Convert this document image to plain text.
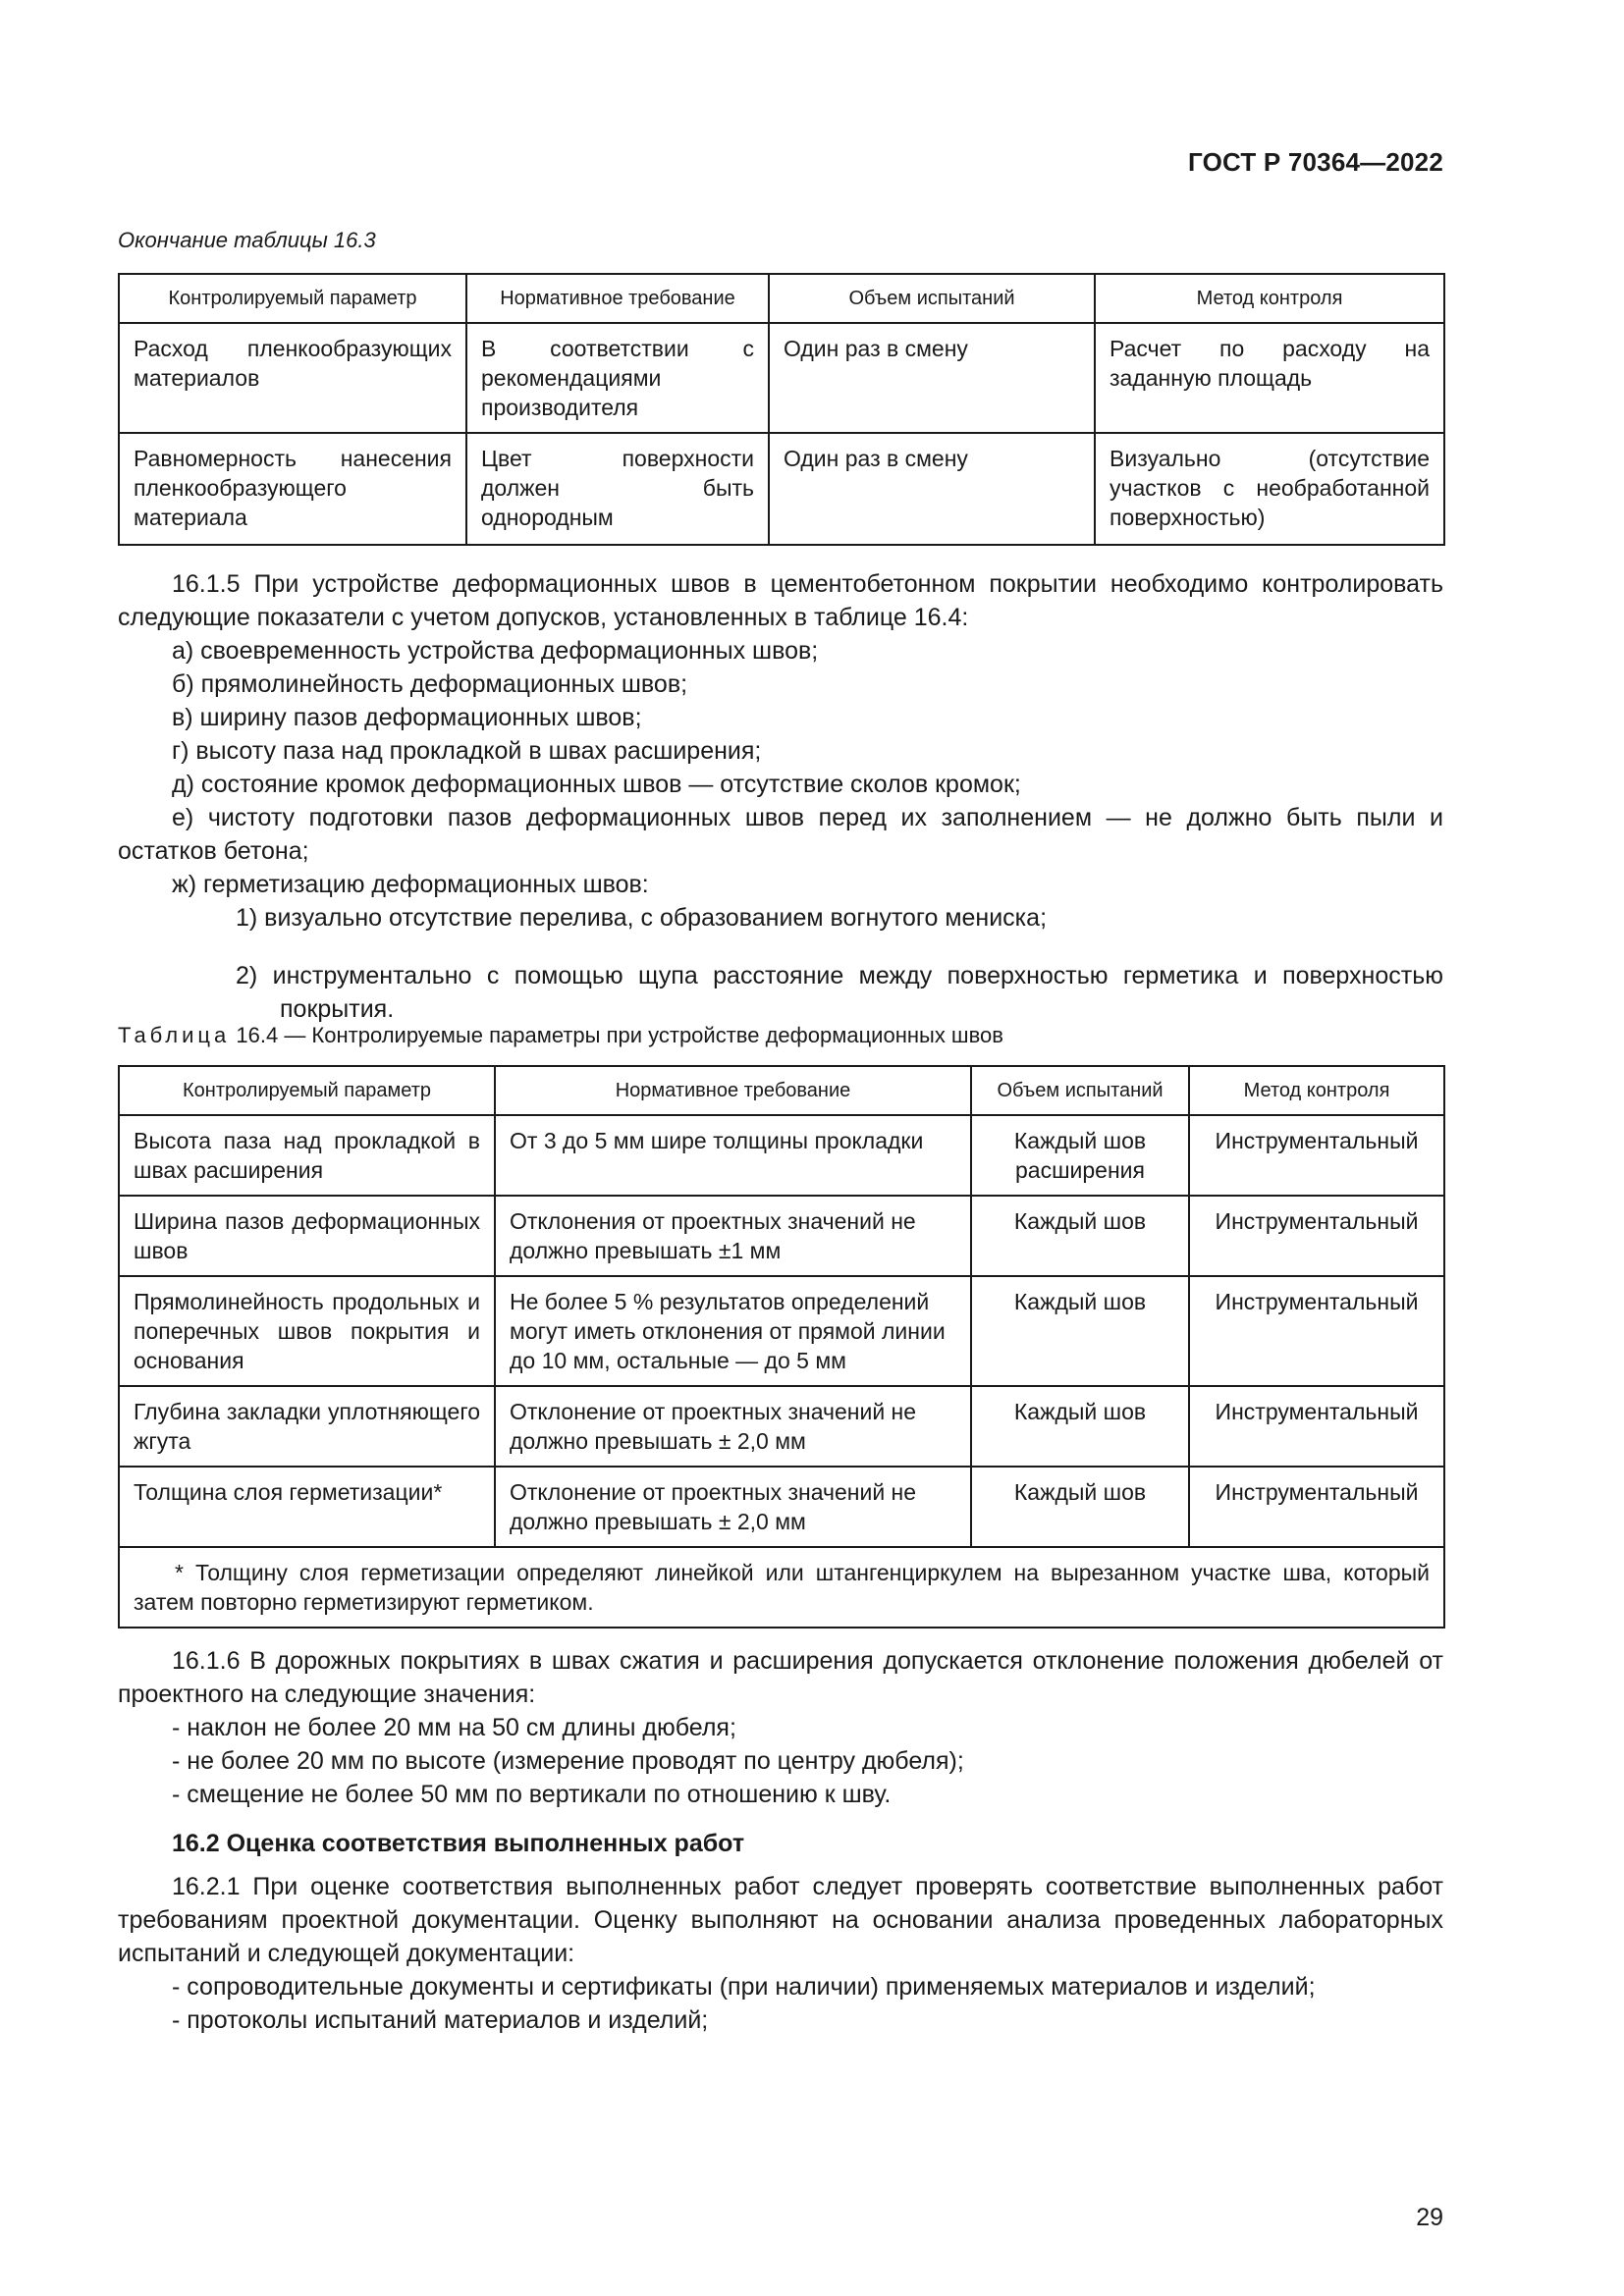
ГОСТ Р 70364—2022
Окончание таблицы 16.3
Контролируемый параметр	Нормативное требование	Объем испытаний	Метод контроля
Расход пленкообразующих материалов	В соответствии с рекомендациями производителя	Один раз в смену	Расчет по расходу на заданную площадь
Равномерность нанесения пленкообразующего материала	Цвет поверхности должен быть однородным	Один раз в смену	Визуально (отсутствие участков с необработанной поверхностью)

16.1.5 При устройстве деформационных швов в цементобетонном покрытии необходимо контролировать следующие показатели с учетом допусков, установленных в таблице 16.4:

а) своевременность устройства деформационных швов;

б) прямолинейность деформационных швов;

в) ширину пазов деформационных швов;

г) высоту паза над прокладкой в швах расширения;

д) состояние кромок деформационных швов — отсутствие сколов кромок;

е) чистоту подготовки пазов деформационных швов перед их заполнением — не должно быть пыли и остатков бетона;

ж) герметизацию деформационных швов:

1) визуально отсутствие перелива, с образованием вогнутого мениска;

2) инструментально с помощью щупа расстояние между поверхностью герметика и поверхностью покрытия.

Таблица 16.4 — Контролируемые параметры при устройстве деформационных швов
Контролируемый параметр	Нормативное требование	Объем испытаний	Метод контроля
Высота паза над прокладкой в швах расширения	От 3 до 5 мм шире толщины прокладки	Каждый шов расширения	Инструментальный
Ширина пазов деформационных швов	Отклонения от проектных значений не должно превышать ±1 мм	Каждый шов	Инструментальный
Прямолинейность продольных и поперечных швов покрытия и основания	Не более 5 % результатов определений могут иметь отклонения от прямой линии до 10 мм, остальные — до 5 мм	Каждый шов	Инструментальный
Глубина закладки уплотняющего жгута	Отклонение от проектных значений не должно превышать ± 2,0 мм	Каждый шов	Инструментальный
Толщина слоя герметизации*	Отклонение от проектных значений не должно превышать ± 2,0 мм	Каждый шов	Инструментальный
* Толщину слоя герметизации определяют линейкой или штангенциркулем на вырезанном участке шва, который затем повторно герметизируют герметиком.			

16.1.6 В дорожных покрытиях в швах сжатия и расширения допускается отклонение положения дюбелей от проектного на следующие значения:

- наклон не более 20 мм на 50 см длины дюбеля;

- не более 20 мм по высоте (измерение проводят по центру дюбеля);

- смещение не более 50 мм по вертикали по отношению к шву.

16.2 Оценка соответствия выполненных работ

16.2.1 При оценке соответствия выполненных работ следует проверять соответствие выполненных работ требованиям проектной документации. Оценку выполняют на основании анализа проведенных лабораторных испытаний и следующей документации:

- сопроводительные документы и сертификаты (при наличии) применяемых материалов и изделий;

- протоколы испытаний материалов и изделий;

29
